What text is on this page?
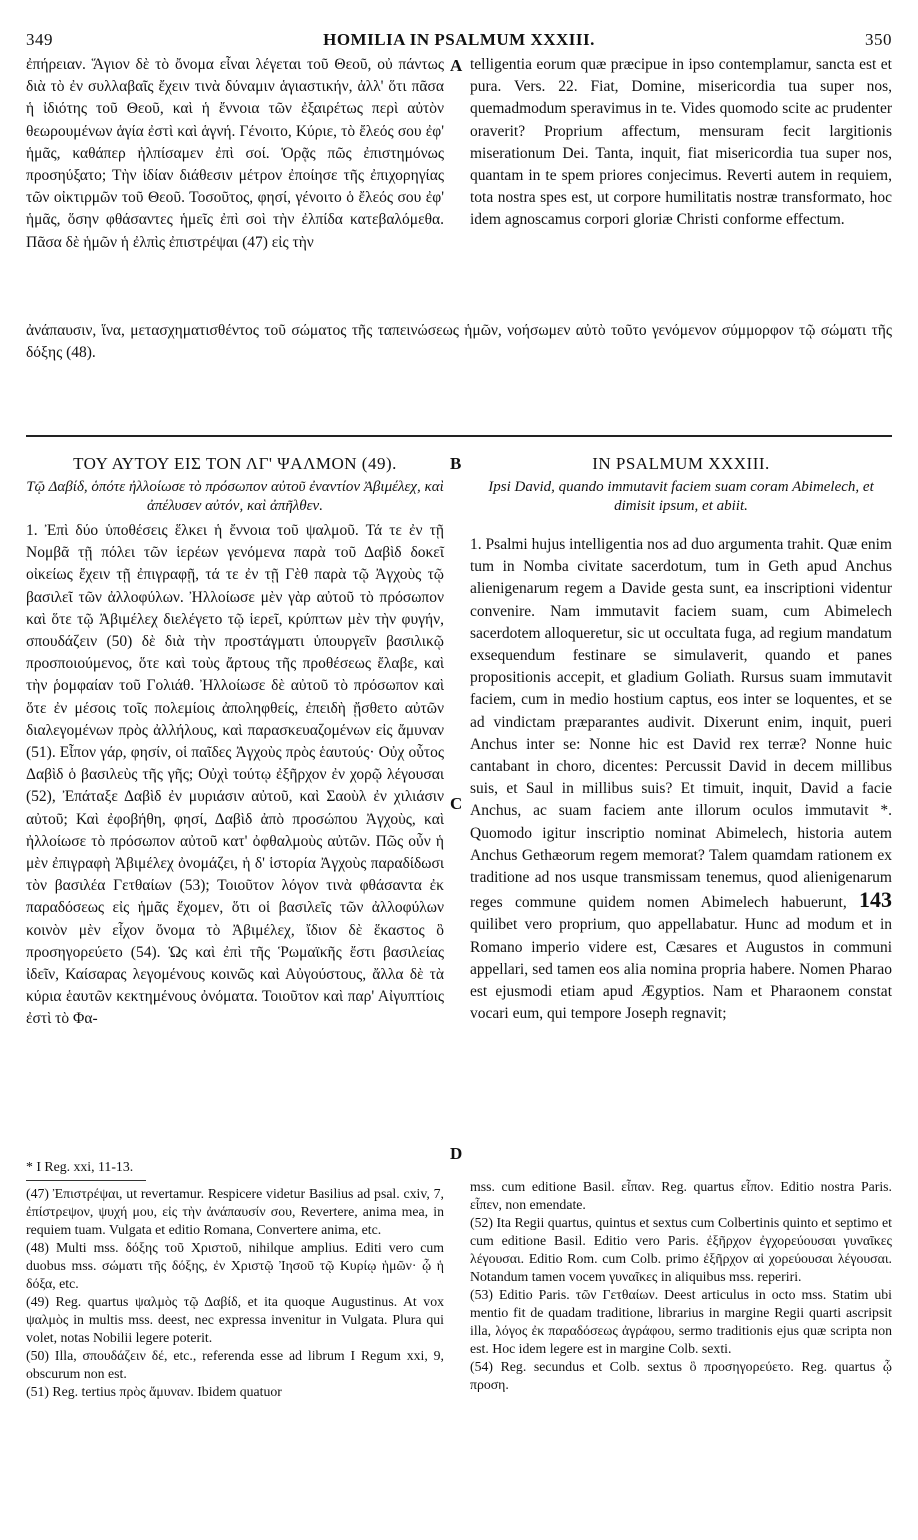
349	HOMILIA IN PSALMUM XXXIII.	350
ἐπήρειαν. Ἅγιον δὲ τὸ ὄνομα εἶναι λέγεται τοῦ Θεοῦ, οὐ πάντως διὰ τὸ ἐν συλλαβαῖς ἔχειν τινὰ δύναμιν ἁγιαστικήν, ἀλλ' ὅτι πᾶσα ἡ ἰδιότης τοῦ Θεοῦ, καὶ ἡ ἔννοια τῶν ἐξαιρέτως περὶ αὐτὸν θεωρουμένων ἁγία ἐστὶ καὶ ἁγνή. Γένοιτο, Κύριε, τὸ ἔλεός σου ἐφ' ἡμᾶς, καθάπερ ἠλπίσαμεν ἐπὶ σοί. Ὁρᾷς πῶς ἐπιστημόνως προσηύξατο; Τὴν ἰδίαν διάθεσιν μέτρον ἐποίησε τῆς ἐπιχορηγίας τῶν οἰκτιρμῶν τοῦ Θεοῦ. Τοσοῦτος, φησί, γένοιτο ὁ ἔλεός σου ἐφ' ἡμᾶς, ὅσην φθάσαντες ἡμεῖς ἐπὶ σοὶ τὴν ἐλπίδα κατεβαλόμεθα. Πᾶσα δὲ ἡμῶν ἡ ἐλπὶς ἐπιστρέψαι (47) εἰς τὴν
A telligentia eorum quæ præcipue in ipso contemplamur, sancta est et pura. Vers. 22. Fiat, Domine, misericordia tua super nos, quemadmodum speravimus in te. Vides quomodo scite ac prudenter oraverit? Proprium affectum, mensuram fecit largitionis miserationum Dei. Tanta, inquit, fiat misericordia tua super nos, quantam in te spem priores conjecimus. Reverti autem in requiem, tota nostra spes est, ut corpore humilitatis nostræ transformato, hoc idem agnoscamus corpori gloriæ Christi conforme effectum.
ἀνάπαυσιν, ἵνα, μετασχηματισθέντος τοῦ σώματος τῆς ταπεινώσεως ἡμῶν, νοήσωμεν αὐτὸ τοῦτο γενόμενον σύμμορφον τῷ σώματι τῆς δόξης (48).
ΤΟΥ ΑΥΤΟΥ ΕΙΣ ΤΟΝ ΛΓ' ΨΑΛΜΟΝ (49).
Τῷ Δαβίδ, ὁπότε ἠλλοίωσε τὸ πρόσωπον αὐτοῦ ἐναντίον Ἀβιμέλεχ, καὶ ἀπέλυσεν αὐτόν, καὶ ἀπῆλθεν.
1. Ἐπὶ δύο ὑποθέσεις ἕλκει ἡ ἔννοια τοῦ ψαλμοῦ. Τά τε ἐν τῇ Νομβᾶ τῇ πόλει τῶν ἱερέων γενόμενα παρὰ τοῦ Δαβὶδ δοκεῖ οἰκείως ἔχειν τῇ ἐπιγραφῇ, τά τε ἐν τῇ Γὲθ παρὰ τῷ Ἀγχοὺς τῷ βασιλεῖ τῶν ἀλλοφύλων. Ἠλλοίωσε μὲν γὰρ αὐτοῦ τὸ πρόσωπον καὶ ὅτε τῷ Ἀβιμέλεχ διελέγετο τῷ ἱερεῖ, κρύπτων μὲν τὴν φυγήν, σπουδάζειν (50) δὲ διὰ τὴν προστάγματι ὑπουργεῖν βασιλικῷ προσποιούμενος, ὅτε καὶ τοὺς ἄρτους τῆς προθέσεως ἔλαβε, καὶ τὴν ῥομφαίαν τοῦ Γολιάθ. Ἠλλοίωσε δὲ αὐτοῦ τὸ πρόσωπον καὶ ὅτε ἐν μέσοις τοῖς πολεμίοις ἀποληφθείς, ἐπειδὴ ᾔσθετο αὐτῶν διαλεγομένων πρὸς ἀλλήλους, καὶ παρασκευαζομένων εἰς ἄμυναν (51). Εἶπον γάρ, φησίν, οἱ παῖδες Ἀγχοὺς πρὸς ἑαυτούς· Οὐχ οὗτος Δαβὶδ ὁ βασιλεὺς τῆς γῆς; Οὐχὶ τούτῳ ἐξῆρχον ἐν χορῷ λέγουσαι (52), Ἐπάταξε Δαβὶδ ἐν μυριάσιν αὐτοῦ, καὶ Σαοὺλ ἐν χιλιάσιν αὐτοῦ; Καὶ ἐφοβήθη, φησί, Δαβὶδ ἀπὸ προσώπου Ἀγχοὺς, καὶ ἠλλοίωσε τὸ πρόσωπον αὐτοῦ κατ' ὀφθαλμοὺς αὐτῶν. Πῶς οὖν ἡ μὲν ἐπιγραφὴ Ἀβιμέλεχ ὀνομάζει, ἡ δ' ἱστορία Ἀγχοὺς παραδίδωσι τὸν βασιλέα Γετθαίων (53); Τοιοῦτον λόγον τινὰ φθάσαντα ἐκ παραδόσεως εἰς ἡμᾶς ἔχομεν, ὅτι οἱ βασιλεῖς τῶν ἀλλοφύλων κοινὸν μὲν εἶχον ὄνομα τὸ Ἀβιμέλεχ, ἴδιον δὲ ἕκαστος ὃ προσηγορεύετο (54). Ὡς καὶ ἐπὶ τῆς Ῥωμαϊκῆς ἔστι βασιλείας ἰδεῖν, Καίσαρας λεγομένους κοινῶς καὶ Αὐγούστους, ἄλλα δὲ τὰ κύρια ἑαυτῶν κεκτημένους ὀνόματα. Τοιοῦτον καὶ παρ' Αἰγυπτίοις ἐστὶ τὸ Φα-
B
C
D
IN PSALMUM XXXIII.
Ipsi David, quando immutavit faciem suam coram Abimelech, et dimisit ipsum, et abiit.
1. Psalmi hujus intelligentia nos ad duo argumenta trahit. Quæ enim tum in Nomba civitate sacerdotum, tum in Geth apud Anchus alienigenarum regem a Davide gesta sunt, ea inscriptioni videntur convenire. Nam immutavit faciem suam, cum Abimelech sacerdotem alloqueretur, sic ut occultata fuga, ad regium mandatum exsequendum festinare se simulaverit, quando et panes propositionis accepit, et gladium Goliath. Rursus suam immutavit faciem, cum in medio hostium captus, eos inter se loquentes, et se ad vindictam præparantes audivit. Dixerunt enim, inquit, pueri Anchus inter se: Nonne hic est David rex terræ? Nonne huic cantabant in choro, dicentes: Percussit David in decem millibus suis, et Saul in millibus suis? Et timuit, inquit, David a facie Anchus, ac suam faciem ante illorum oculos immutavit *. Quomodo igitur inscriptio nominat Abimelech, historia autem Anchus Gethæorum regem memorat? Talem quamdam rationem ex traditione ad nos usque transmissam tenemus, quod alienigenarum reges commune quidem nomen Abimelech habuerunt, 143 quilibet vero proprium, quo appellabatur. Hunc ad modum et in Romano imperio videre est, Cæsares et Augustos in communi appellari, sed tamen eos alia nomina propria habere. Nomen Pharao est ejusmodi etiam apud Ægyptios. Nam et Pharaonem constat vocari eum, qui tempore Joseph regnavit;
* I Reg. xxi, 11-13.
(47) Ἐπιστρέψαι, ut revertamur. Respicere videtur Basilius ad psal. cxiv, 7, ἐπίστρεψον, ψυχή μου, εἰς τὴν ἀνάπαυσίν σου, Revertere, anima mea, in requiem tuam. Vulgata et editio Romana, Convertere anima, etc.
(48) Multi mss. δόξης τοῦ Χριστοῦ, nihilque amplius. Editi vero cum duobus mss. σώματι τῆς δόξης, ἐν Χριστῷ Ἰησοῦ τῷ Κυρίῳ ἡμῶν· ᾧ ἡ δόξα, etc.
(49) Reg. quartus ψαλμὸς τῷ Δαβίδ, et ita quoque Augustinus. At vox ψαλμὸς in multis mss. deest, nec expressa invenitur in Vulgata. Plura qui volet, notas Nobilii legere poterit.
(50) Illa, σπουδάζειν δέ, etc., referenda esse ad librum I Regum xxi, 9, obscurum non est.
(51) Reg. tertius πρὸς ἄμυναν. Ibidem quatuor
mss. cum editione Basil. εἶπαν. Reg. quartus εἶπον. Editio nostra Paris. εἶπεν, non emendate.
(52) Ita Regii quartus, quintus et sextus cum Colbertinis quinto et septimo et cum editione Basil. Editio vero Paris. ἐξῆρχον ἐγχορεύουσαι γυναῖκες λέγουσαι. Editio Rom. cum Colb. primo ἐξῆρχον αἱ χορεύουσαι λέγουσαι. Notandum tamen vocem γυναῖκες in aliquibus mss. reperiri.
(53) Editio Paris. τῶν Γετθαίων. Deest articulus in octo mss. Statim ubi mentio fit de quadam traditione, librarius in margine Regii quarti ascripsit illa, λόγος ἐκ παραδόσεως ἀγράφου, sermo traditionis ejus quæ scripta non est. Hoc idem legere est in margine Colb. sexti.
(54) Reg. secundus et Colb. sextus ὃ προσηγορεύετο. Reg. quartus ᾧ προση.
